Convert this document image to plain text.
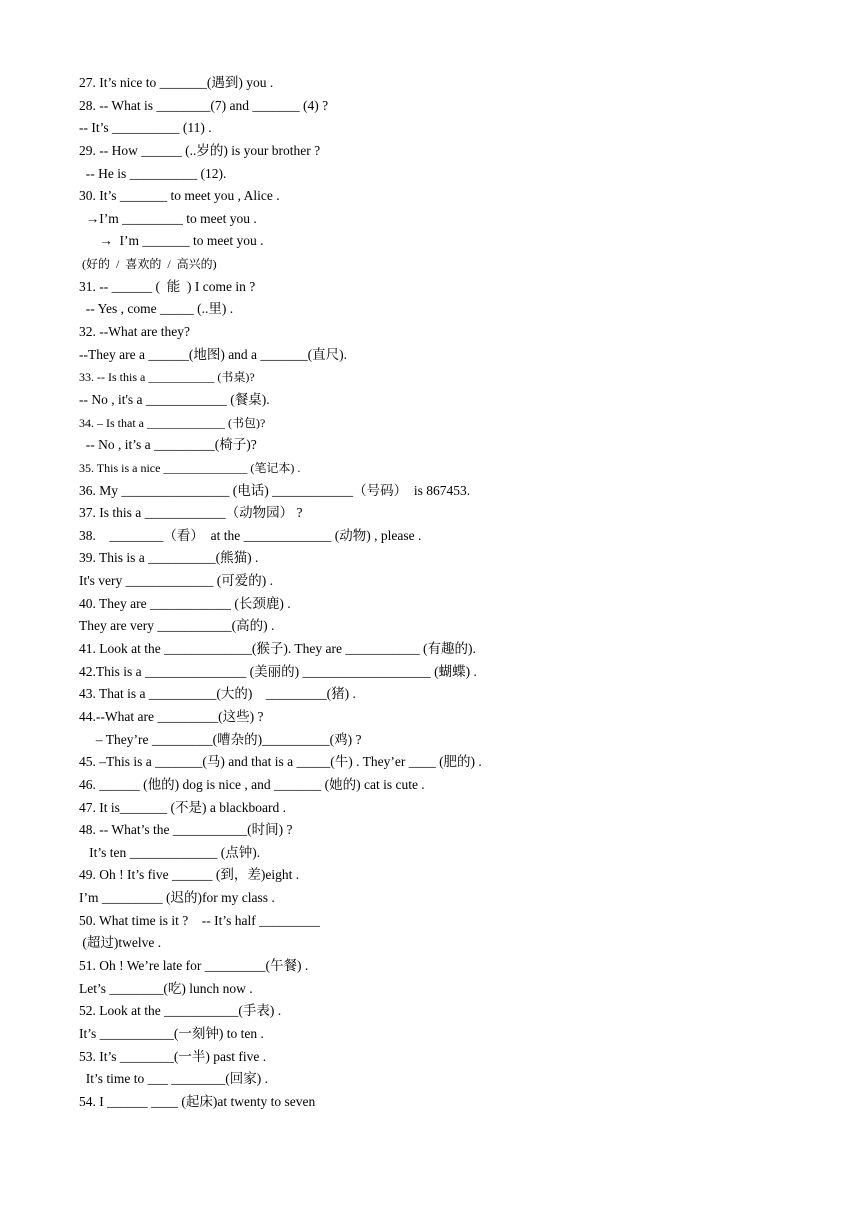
27. It’s nice to _______(遇到) you .
28. -- What is ________(7) and _______ (4) ?
-- It’s __________ (11) .
29. -- How ______ (..岁的) is your brother ?
-- He is __________ (12).
30. It’s _______ to meet you , Alice .
→I’m _________ to meet you .
→  I’m _______ to meet you .
(好的  /  喜欢的  /  高兴的)
31. -- ______ (  能  ) I come in ?
-- Yes , come _____ (..里) .
32. --What are they?
--They are a ______(地图) and a _______(直尺).
33. -- Is this a ___________ (书桌)?
-- No , it's a ____________ (餐桌).
34. – Is that a _____________ (书包)?
-- No , it’s a _________(椅子)?
35. This is a nice ______________ (笔记本) .
36. My ________________ (电话) ____________（号码）  is 867453.
37. Is this a ____________（动物园） ?
38.    ________（看）  at the _____________ (动物) , please .
39. This is a __________(熊猫) .
It's very _____________ (可爱的) .
40. They are ____________ (长颈鹿) .
They are very ___________(高的) .
41. Look at the _____________(猴子). They are ___________ (有趣的).
42.This is a _______________ (美丽的) ___________________ (蝴蝶) .
43. That is a __________(大的)    _________(猪) .
44.--What are _________(这些) ?
– They’re _________(嘈杂的)__________(鸡) ?
45. –This is a _______(马) and that is a _____(牛) . They’er ____ (肥的) .
46. ______ (他的) dog is nice , and _______ (她的) cat is cute .
47. It is_______ (不是) a blackboard .
48. -- What’s the ___________(时间) ?
It’s ten _____________ (点钟).
49. Oh ! It’s five ______ (到，差)eight .
I’m _________ (迟的)for my class .
50. What time is it ?    -- It’s half _________
(超过)twelve .
51. Oh ! We’re late for _________(午餐) .
Let’s ________(吃) lunch now .
52. Look at the ___________(手表) .
It’s ___________(一刻钟) to ten .
53. It’s ________(一半) past five .
It’s time to ___ ________(回家) .
54. I ______ ____ (起床)at twenty to seven
